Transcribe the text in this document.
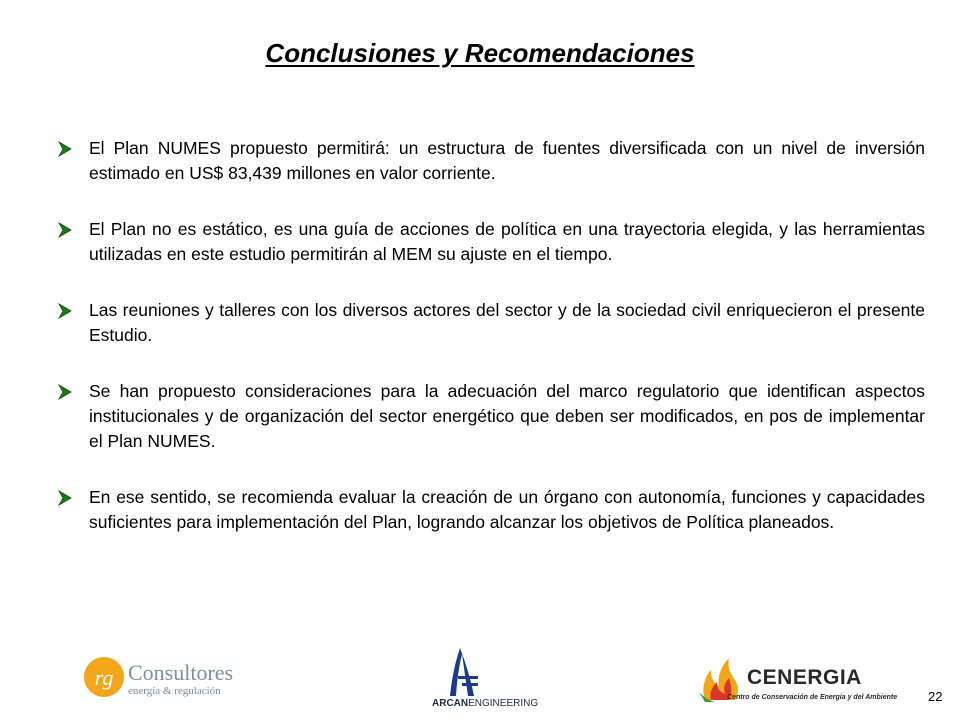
Conclusiones y Recomendaciones
El Plan NUMES propuesto permitirá: un estructura de fuentes diversificada con un nivel de inversión estimado en US$ 83,439 millones en valor corriente.
El Plan no es estático, es una guía de acciones de política en una trayectoria elegida, y las herramientas utilizadas en este estudio permitirán al MEM su ajuste en el tiempo.
Las reuniones y talleres con los diversos actores del sector y de la sociedad civil enriquecieron el presente Estudio.
Se han propuesto consideraciones para la adecuación del marco regulatorio que identifican aspectos institucionales y de organización del sector energético que deben ser modificados, en pos de implementar el Plan NUMES.
En ese sentido, se recomienda evaluar la creación de un órgano con autonomía, funciones y capacidades suficientes para implementación del Plan, logrando alcanzar los objetivos de Política planeados.
rg Consultores
energía & regulación
ARCANENGINEERING
CENERGIA
Centro de Conservación de Energía y del Ambiente 22
